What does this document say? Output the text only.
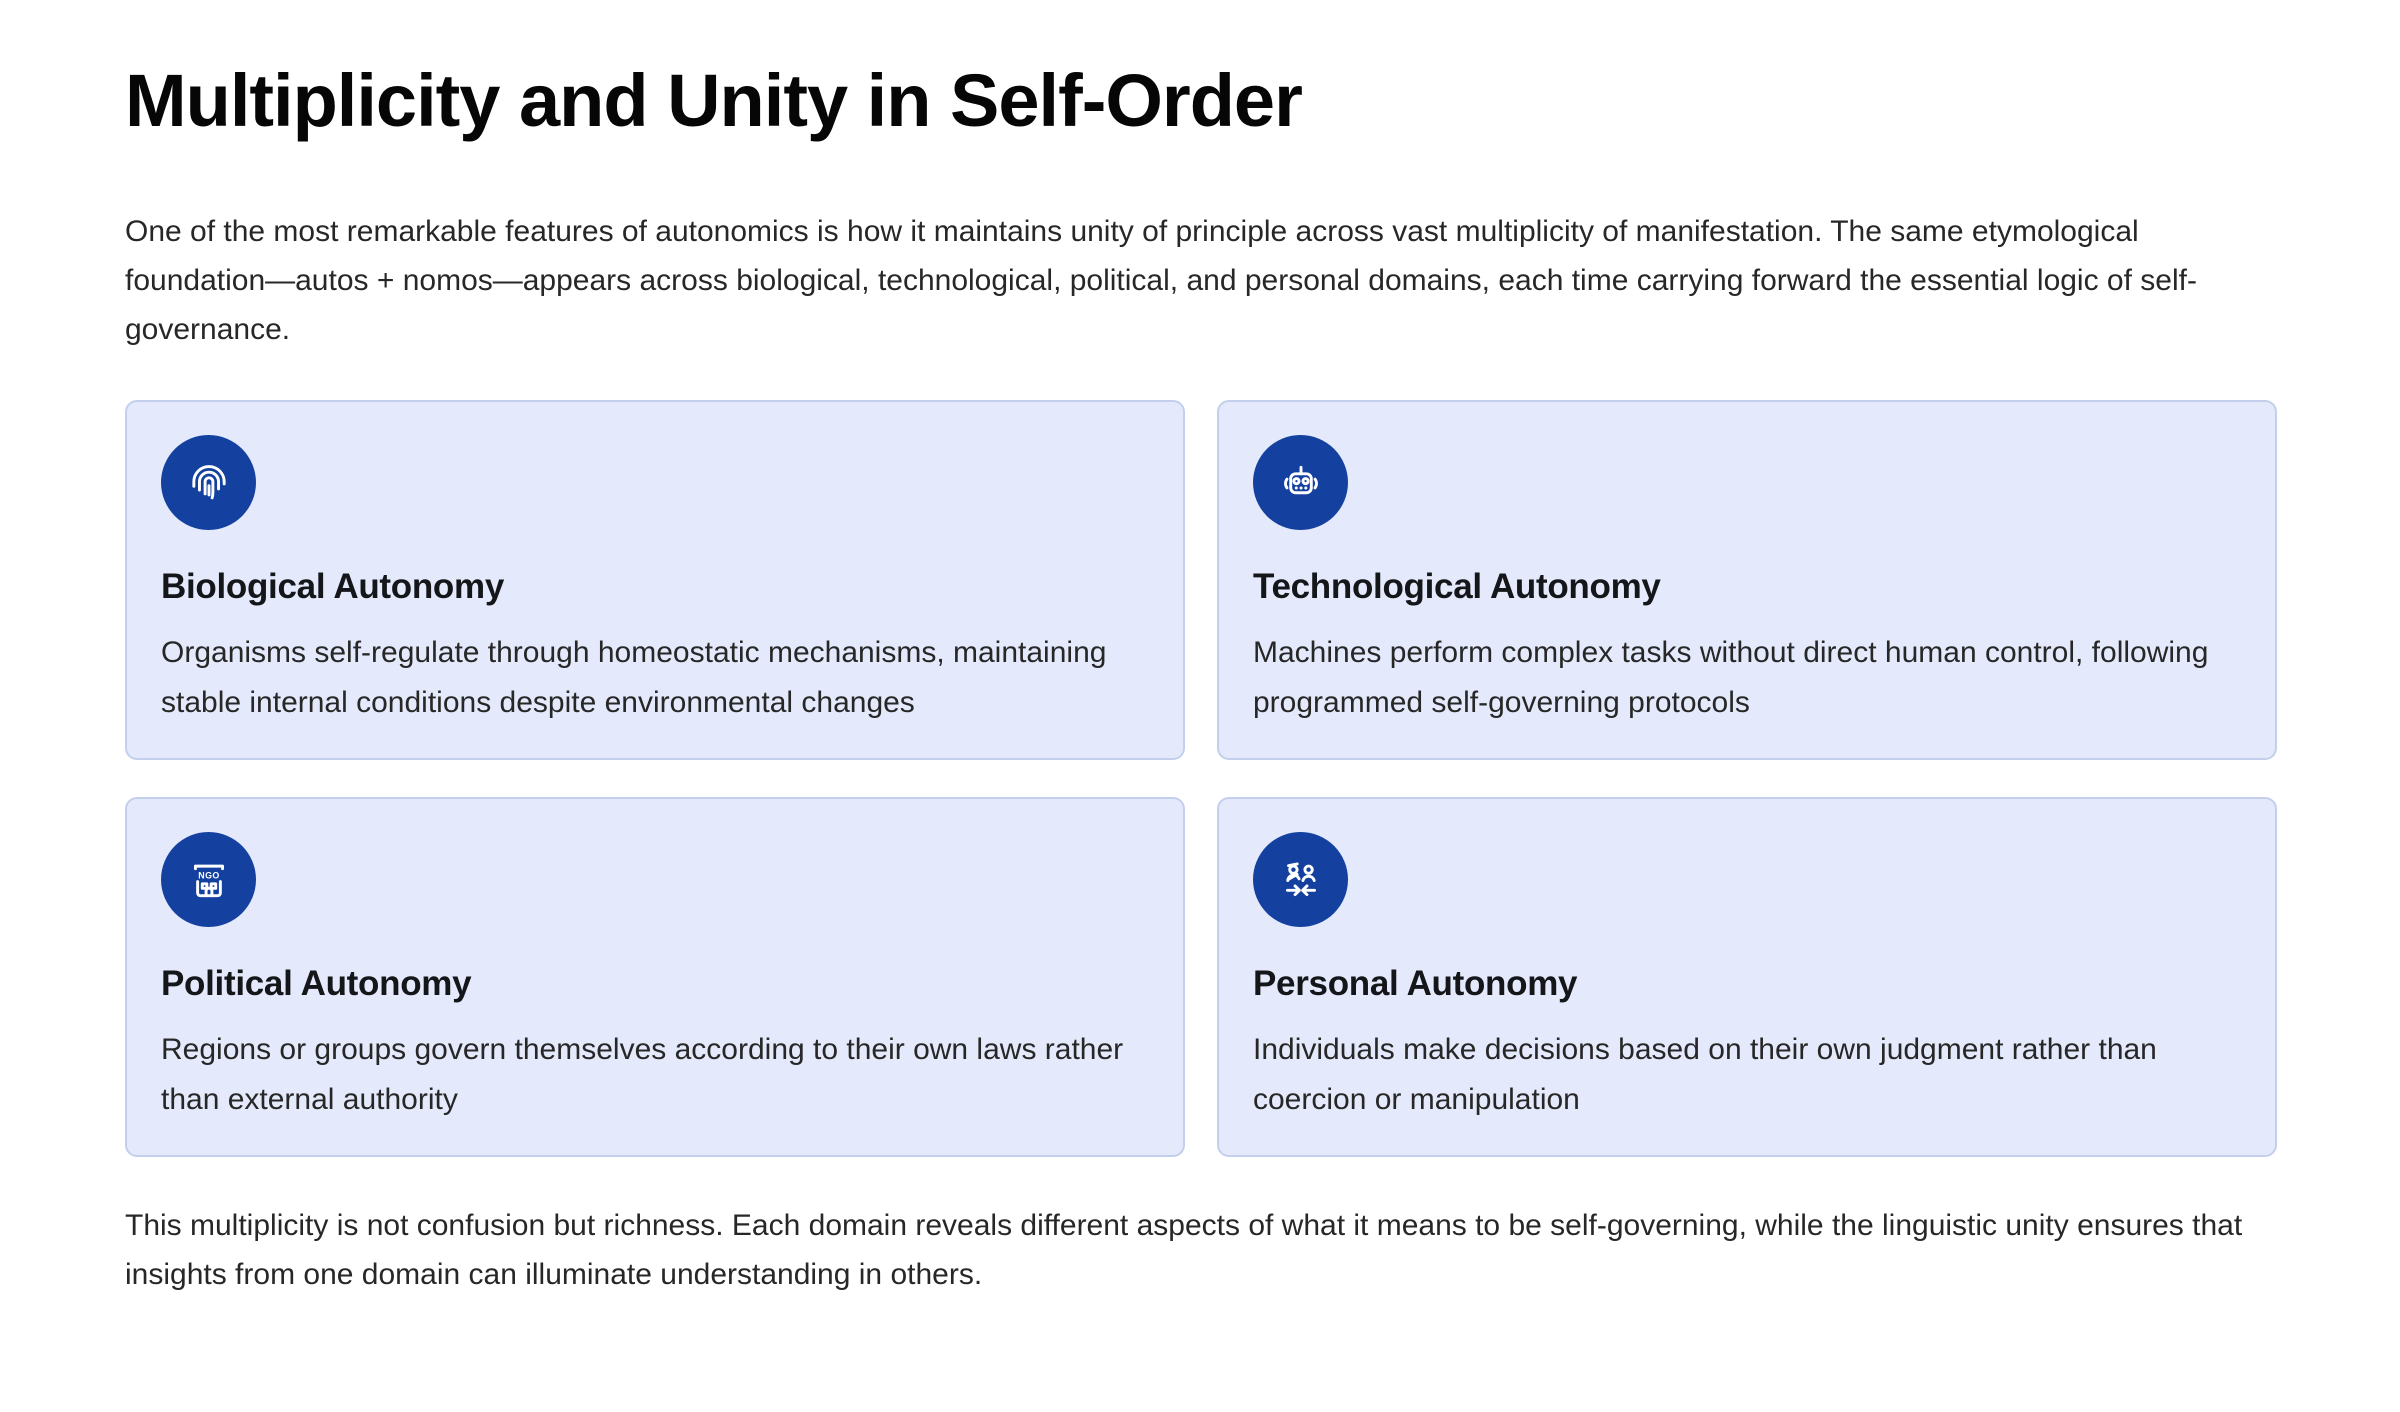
Multiplicity and Unity in Self-Order

One of the most remarkable features of autonomics is how it maintains unity of principle across vast multiplicity of manifestation. The same etymological foundation—autos + nomos—appears across biological, technological, political, and personal domains, each time carrying forward the essential logic of self-governance.

Biological Autonomy

Organisms self-regulate through homeostatic mechanisms, maintaining stable internal conditions despite environmental changes

Technological Autonomy

Machines perform complex tasks without direct human control, following programmed self-governing protocols

NGO
Political Autonomy

Regions or groups govern themselves according to their own laws rather than external authority

Personal Autonomy

Individuals make decisions based on their own judgment rather than coercion or manipulation

This multiplicity is not confusion but richness. Each domain reveals different aspects of what it means to be self-governing, while the linguistic unity ensures that insights from one domain can illuminate understanding in others.
